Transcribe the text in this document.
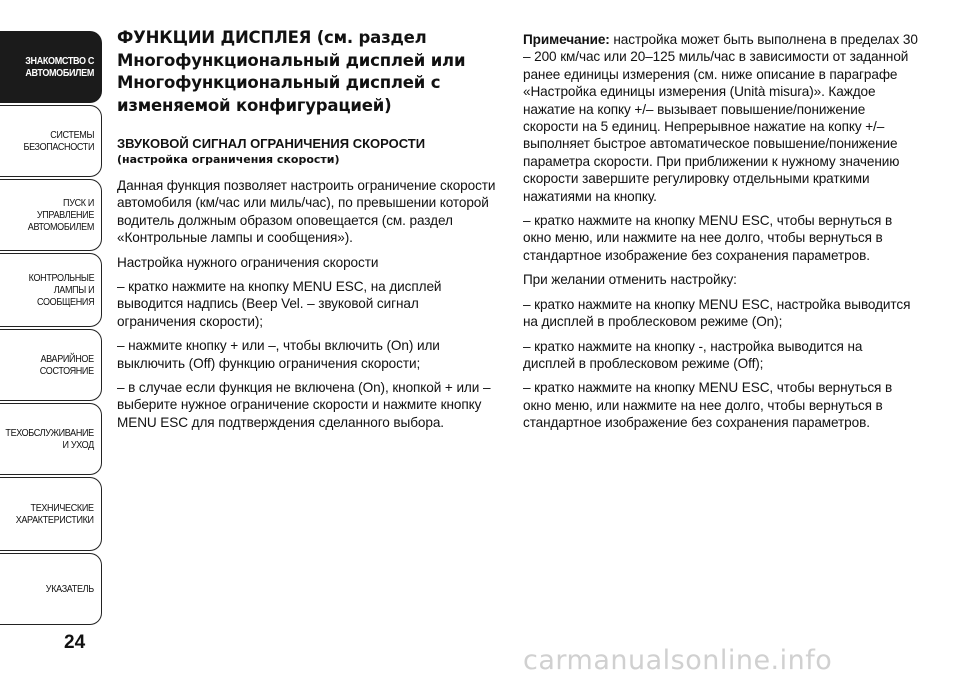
ЗНАКОМСТВО С
АВТОМОБИЛЕМ
СИСТЕМЫ
БЕЗОПАСНОСТИ
ПУСК И УПРАВЛЕНИЕ
АВТОМОБИЛЕМ
КОНТРОЛЬНЫЕ
ЛАМПЫ И
СООБЩЕНИЯ
АВАРИЙНОЕ
СОСТОЯНИЕ
ТЕХОБСЛУЖИВАНИЕ
И УХОД
ТЕХНИЧЕСКИЕ
ХАРАКТЕРИСТИКИ
УКАЗАТЕЛЬ
24
ФУНКЦИИ ДИСПЛЕЯ (см. раздел Многофункциональный дисплей или Многофункциональный дисплей с изменяемой конфигурацией)
ЗВУКОВОЙ СИГНАЛ ОГРАНИЧЕНИЯ СКОРОСТИ
(настройка ограничения скорости)

Данная функция позволяет настроить ограничение скорости автомобиля (км/час или миль/час), по превышении которой водитель должным образом оповещается (см. раздел «Контрольные лампы и сообщения»).

Настройка нужного ограничения скорости

– кратко нажмите на кнопку MENU ESC, на дисплей выводится надпись (Beep Vel. – звуковой сигнал ограничения скорости);

– нажмите кнопку + или –, чтобы включить (On) или выключить (Off) функцию ограничения скорости;

– в случае если функция не включена (On), кнопкой + или – выберите нужное ограничение скорости и нажмите кнопку MENU ESC для подтверждения сделанного выбора.

Примечание: настройка может быть выполнена в пределах 30 – 200 км/час или 20–125 миль/час в зависимости от заданной ранее единицы измерения (см. ниже описание в параграфе «Настройка единицы измерения (Unità misura)». Каждое нажатие на копку +/– вызывает повышение/понижение скорости на 5 единиц. Непрерывное нажатие на копку +/– выполняет быстрое автоматическое повышение/понижение параметра скорости. При приближении к нужному значению скорости завершите регулировку отдельными краткими нажатиями на кнопку.

– кратко нажмите на кнопку MENU ESC, чтобы вернуться в окно меню, или нажмите на нее долго, чтобы вернуться в стандартное изображение без сохранения параметров.

При желании отменить настройку:

– кратко нажмите на кнопку MENU ESC, настройка выводится на дисплей в проблесковом режиме (On);

– кратко нажмите на кнопку -, настройка выводится на дисплей в проблесковом режиме (Off);

– кратко нажмите на кнопку MENU ESC, чтобы вернуться в окно меню, или нажмите на нее долго, чтобы вернуться в стандартное изображение без сохранения параметров.

carmanualsonline.info
